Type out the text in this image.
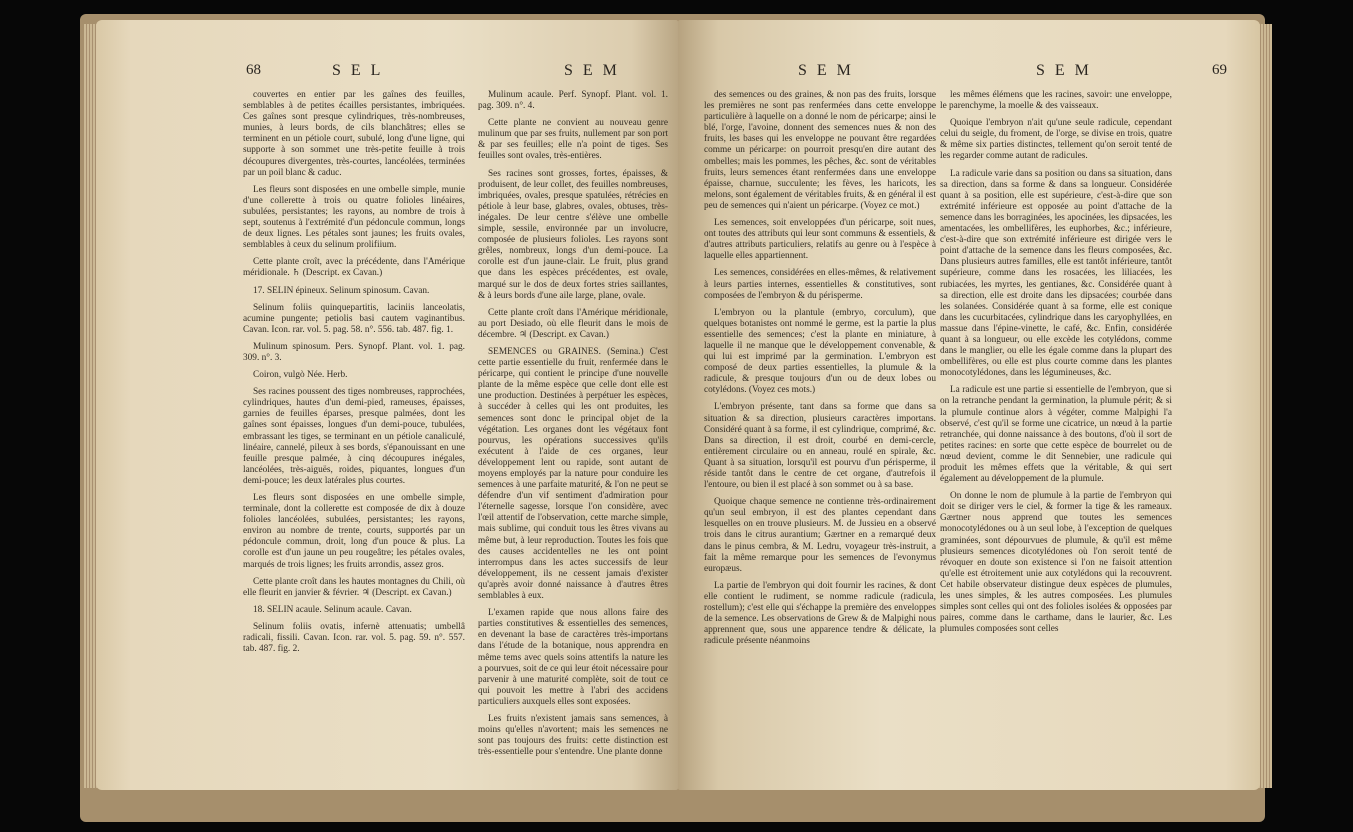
68	SEL	SEM

couvertes en entier par les gaînes des feuilles, semblables à de petites écailles persistantes, imbriquées. Ces gaînes sont presque cylindriques, très-nombreuses, munies, à leurs bords, de cils blanchâtres; elles se terminent en un pétiole court, subulé, long d'une ligne, qui supporte à son sommet une très-petite feuille à trois découpures divergentes, très-courtes, lancéolées, terminées par un poil blanc & caduc.

Les fleurs sont disposées en une ombelle simple, munie d'une collerette à trois ou quatre folioles linéaires, subulées, persistantes; les rayons, au nombre de trois à sept, soutenus à l'extrémité d'un pédoncule commun, longs de deux lignes. Les pétales sont jaunes; les fruits ovales, semblables à ceux du selinum prolifiium.

Cette plante croît, avec la précédente, dans l'Amérique méridionale. ♄ (Descript. ex Cavan.)

17. SELIN épineux. Selinum spinosum. Cavan.

Selinum foliis quinquepartitis, laciniis lanceolatis, acumine pungente; petiolis basi cautem vaginantibus. Cavan. Icon. rar. vol. 5. pag. 58. n°. 556. tab. 487. fig. 1.

Mulinum spinosum. Pers. Synopf. Plant. vol. 1. pag. 309. n°. 3.

Coiron, vulgò Née. Herb.

Ses racines poussent des tiges nombreuses, rapprochées, cylindriques, hautes d'un demi-pied, rameuses, épaisses, garnies de feuilles éparses, presque palmées, dont les gaînes sont épaisses, longues d'un demi-pouce, tubulées, embrassant les tiges, se terminant en un pétiole canaliculé, linéaire, cannelé, pileux à ses bords, s'épanouissant en une feuille presque palmée, à cinq découpures inégales, lancéolées, très-aiguës, roides, piquantes, longues d'un demi-pouce; les deux latérales plus courtes.

Les fleurs sont disposées en une ombelle simple, terminale, dont la collerette est composée de dix à douze folioles lancéolées, subulées, persistantes; les rayons, environ au nombre de trente, courts, supportés par un pédoncule commun, droit, long d'un pouce & plus. La corolle est d'un jaune un peu rougeâtre; les pétales ovales, marqués de trois lignes; les fruits arrondis, assez gros.

Cette plante croît dans les hautes montagnes du Chili, où elle fleurit en janvier & février. ♃ (Descript. ex Cavan.)

18. SELIN acaule. Selinum acaule. Cavan.

Selinum foliis ovatis, infernè attenuatis; umbellâ radicali, fissili. Cavan. Icon. rar. vol. 5. pag. 59. n°. 557. tab. 487. fig. 2.

Mulinum acaule. Perf. Synopf. Plant. vol. 1. pag. 309. n°. 4.

Cette plante ne convient au nouveau genre mulinum que par ses fruits, nullement par son port & par ses feuilles; elle n'a point de tiges. Ses feuilles sont ovales, très-entières.

Ses racines sont grosses, fortes, épaisses, & produisent, de leur collet, des feuilles nombreuses, imbriquées, ovales, presque spatulées, rétrécies en pétiole à leur base, glabres, ovales, obtuses, très-inégales. De leur centre s'élève une ombelle simple, sessile, environnée par un involucre, composée de plusieurs folioles. Les rayons sont grêles, nombreux, longs d'un demi-pouce. La corolle est d'un jaune-clair. Le fruit, plus grand que dans les espèces précédentes, est ovale, marqué sur le dos de deux fortes stries saillantes, & à leurs bords d'une aile large, plane, ovale.

Cette plante croît dans l'Amérique méridionale, au port Desiado, où elle fleurit dans le mois de décembre. ♃ (Descript. ex Cavan.)

SEMENCES ou GRAINES. (Semina.) C'est cette partie essentielle du fruit, renfermée dans le péricarpe, qui contient le principe d'une nouvelle plante de la même espèce que celle dont elle est une production. Destinées à perpétuer les espèces, à succéder à celles qui les ont produites, les semences sont donc le principal objet de la végétation. Les organes dont les végétaux font pourvus, les opérations successives qu'ils exécutent à l'aide de ces organes, leur développement lent ou rapide, sont autant de moyens employés par la nature pour conduire les semences à une parfaite maturité, & l'on ne peut se défendre d'un vif sentiment d'admiration pour l'éternelle sagesse, lorsque l'on considère, avec l'œil attentif de l'observation, cette marche simple, mais sublime, qui conduit tous les êtres vivans au même but, à leur reproduction. Toutes les fois que des causes accidentelles ne les ont point interrompus dans les actes successifs de leur développement, ils ne cessent jamais d'exister qu'après avoir donné naissance à d'autres êtres semblables à eux.

L'examen rapide que nous allons faire des parties constitutives & essentielles des semences, en devenant la base de caractères très-importans dans l'étude de la botanique, nous apprendra en même tems avec quels soins attentifs la nature les a pourvues, soit de ce qui leur étoit nécessaire pour parvenir à une maturité complète, soit de tout ce qui pouvoit les mettre à l'abri des accidens particuliers auxquels elles sont exposées.

Les fruits n'existent jamais sans semences, à moins qu'elles n'avortent; mais les semences ne sont pas toujours des fruits: cette distinction est très-essentielle pour s'entendre. Une plante donne

SEM	SEM	69

des semences ou des graines, & non pas des fruits, lorsque les premières ne sont pas renfermées dans cette enveloppe particulière à laquelle on a donné le nom de péricarpe; ainsi le blé, l'orge, l'avoine, donnent des semences nues & non des fruits, les bases qui les enveloppe ne pouvant être regardées comme un péricarpe: on pourroit presqu'en dire autant des ombelles; mais les pommes, les pêches, &c. sont de véritables fruits, leurs semences étant renfermées dans une enveloppe épaisse, charnue, succulente; les fèves, les haricots, les melons, sont également de véritables fruits, & en général il est peu de semences qui n'aient un péricarpe. (Voyez ce mot.)

Les semences, soit enveloppées d'un péricarpe, soit nues, ont toutes des attributs qui leur sont communs & essentiels, & d'autres attributs particuliers, relatifs au genre ou à l'espèce à laquelle elles appartiennent.

Les semences, considérées en elles-mêmes, & relativement à leurs parties internes, essentielles & constitutives, sont composées de l'embryon & du périsperme.

L'embryon ou la plantule (embryo, corculum), que quelques botanistes ont nommé le germe, est la partie la plus essentielle des semences; c'est la plante en miniature, à laquelle il ne manque que le développement convenable, & qui lui est imprimé par la germination. L'embryon est composé de deux parties essentielles, la plumule & la radicule, & presque toujours d'un ou de deux lobes ou cotylédons. (Voyez ces mots.)

L'embryon présente, tant dans sa forme que dans sa situation & sa direction, plusieurs caractères importans. Considéré quant à sa forme, il est cylindrique, comprimé, &c. Dans sa direction, il est droit, courbé en demi-cercle, entièrement circulaire ou en anneau, roulé en spirale, &c. Quant à sa situation, lorsqu'il est pourvu d'un périsperme, il réside tantôt dans le centre de cet organe, d'autrefois il l'entoure, ou bien il est placé à son sommet ou à sa base.

Quoique chaque semence ne contienne très-ordinairement qu'un seul embryon, il est des plantes cependant dans lesquelles on en trouve plusieurs. M. de Jussieu en a observé trois dans le citrus aurantium; Gærtner en a remarqué deux dans le pinus cembra, & M. Ledru, voyageur très-instruit, a fait la même remarque pour les semences de l'evonymus europæus.

La partie de l'embryon qui doit fournir les racines, & dont elle contient le rudiment, se nomme radicule (radicula, rostellum); c'est elle qui s'échappe la première des enveloppes de la semence. Les observations de Grew & de Malpighi nous apprennent que, sous une apparence tendre & délicate, la radicule présente néanmoins

les mêmes élémens que les racines, savoir: une enveloppe, le parenchyme, la moelle & des vaisseaux.

Quoique l'embryon n'ait qu'une seule radicule, cependant celui du seigle, du froment, de l'orge, se divise en trois, quatre & même six parties distinctes, tellement qu'on seroit tenté de les regarder comme autant de radicules.

La radicule varie dans sa position ou dans sa situation, dans sa direction, dans sa forme & dans sa longueur. Considérée quant à sa position, elle est supérieure, c'est-à-dire que son extrémité inférieure est opposée au point d'attache de la semence dans les borraginées, les apocinées, les dipsacées, les amentacées, les ombellifères, les euphorbes, &c.; inférieure, c'est-à-dire que son extrémité inférieure est dirigée vers le point d'attache de la semence dans les fleurs composées, &c. Dans plusieurs autres familles, elle est tantôt inférieure, tantôt supérieure, comme dans les rosacées, les liliacées, les rubiacées, les myrtes, les gentianes, &c. Considérée quant à sa direction, elle est droite dans les dipsacées; courbée dans les solanées. Considérée quant à sa forme, elle est conique dans les cucurbitacées, cylindrique dans les caryophyllées, en massue dans l'épine-vinette, le café, &c. Enfin, considérée quant à sa longueur, ou elle excède les cotylédons, comme dans le manglier, ou elle les égale comme dans la plupart des ombellifères, ou elle est plus courte comme dans les plantes monocotylédones, dans les légumineuses, &c.

La radicule est une partie si essentielle de l'embryon, que si on la retranche pendant la germination, la plumule périt; & si la plumule continue alors à végéter, comme Malpighi l'a observé, c'est qu'il se forme une cicatrice, un nœud à la partie retranchée, qui donne naissance à des boutons, d'où il sort de petites racines: en sorte que cette espèce de bourrelet ou de nœud devient, comme le dit Sennebier, une radicule qui produit les mêmes effets que la véritable, & qui sert également au développement de la plumule.

On donne le nom de plumule à la partie de l'embryon qui doit se diriger vers le ciel, & former la tige & les rameaux. Gærtner nous apprend que toutes les semences monocotylédones ou à un seul lobe, à l'exception de quelques graminées, sont dépourvues de plumule, & qu'il est même plusieurs semences dicotylédones où l'on seroit tenté de révoquer en doute son existence si l'on ne faisoit attention qu'elle est étroitement unie aux cotylédons qui la recouvrent. Cet habile observateur distingue deux espèces de plumules, les unes simples, & les autres composées. Les plumules simples sont celles qui ont des folioles isolées & opposées par paires, comme dans le carthame, dans le laurier, &c. Les plumules composées sont celles
